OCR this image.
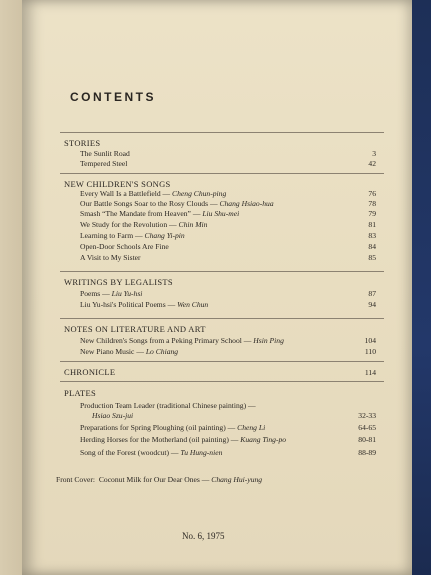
CONTENTS
STORIES
The Sunlit Road	3
Tempered Steel	42
NEW CHILDREN'S SONGS
Every Wall Is a Battlefield — Cheng Chun-ping	76
Our Battle Songs Soar to the Rosy Clouds — Chang Hsiao-hua	78
Smash “The Mandate from Heaven” — Liu Shu-mei	79
We Study for the Revolution — Chin Min	81
Learning to Farm — Chang Yi-pin	83
Open-Door Schools Are Fine	84
A Visit to My Sister	85
WRITINGS BY LEGALISTS
Poems — Liu Yu-hsi	87
Liu Yu-hsi's Political Poems — Wen Chun	94
NOTES ON LITERATURE AND ART
New Children's Songs from a Peking Primary School — Hsin Ping	104
New Piano Music — Lo Chiang	110
CHRONICLE	114
PLATES
Production Team Leader (traditional Chinese painting) —
Hsiao Szu-jui	32-33
Preparations for Spring Ploughing (oil painting) — Cheng Li	64-65
Herding Horses for the Motherland (oil painting) — Kuang Ting-po	80-81
Song of the Forest (woodcut) — Tu Hung-nien	88-89
Front Cover: Coconut Milk for Our Dear Ones — Chang Hui-yung
No. 6, 1975
